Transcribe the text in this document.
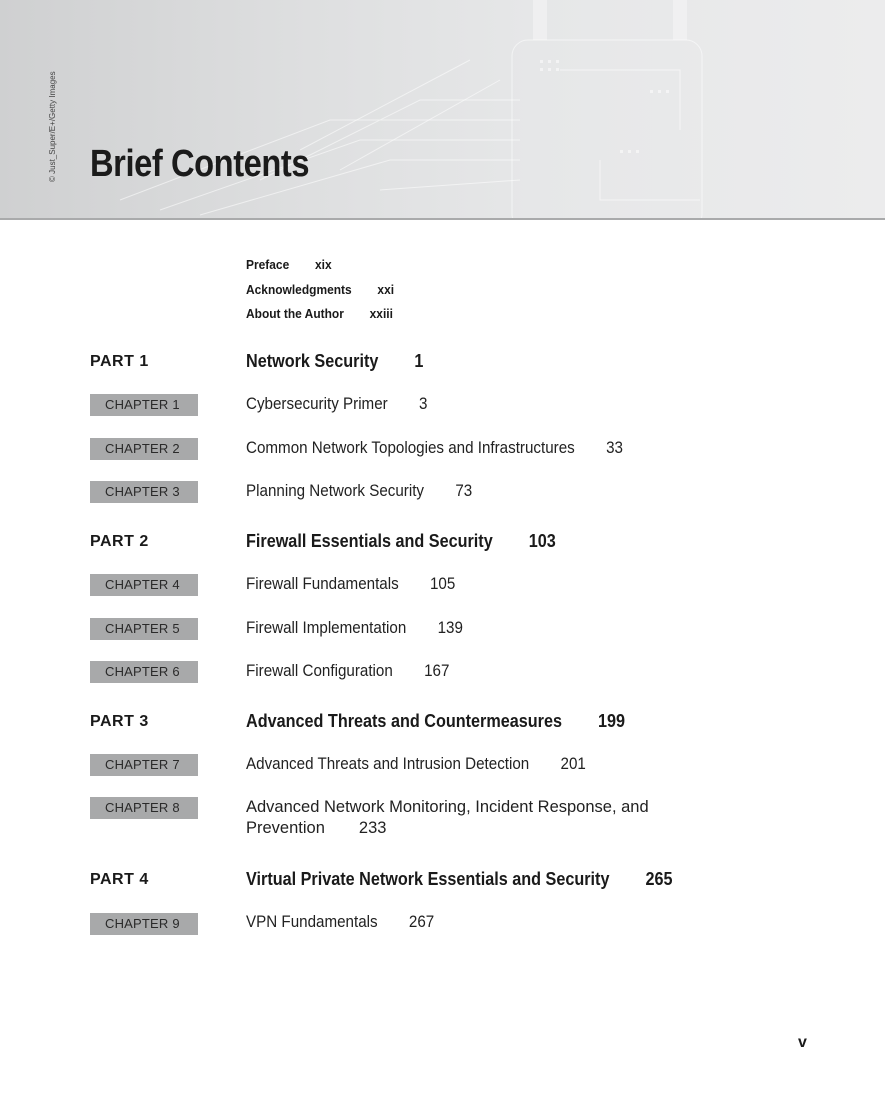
© Just_Super/E+/Getty Images Brief Contents
Preface xix
Acknowledgments xxi
About the Author xxiii
PART 1	Network Security 1
CHAPTER 1	Cybersecurity Primer 3
CHAPTER 2	Common Network Topologies and Infrastructures 33
CHAPTER 3	Planning Network Security 73
PART 2	Firewall Essentials and Security 103
CHAPTER 4	Firewall Fundamentals 105
CHAPTER 5	Firewall Implementation 139
CHAPTER 6	Firewall Configuration 167
PART 3	Advanced Threats and Countermeasures 199
CHAPTER 7	Advanced Threats and Intrusion Detection 201
CHAPTER 8	Advanced Network Monitoring, Incident Response, and Prevention 233
PART 4	Virtual Private Network Essentials and Security 265
CHAPTER 9	VPN Fundamentals 267
v
